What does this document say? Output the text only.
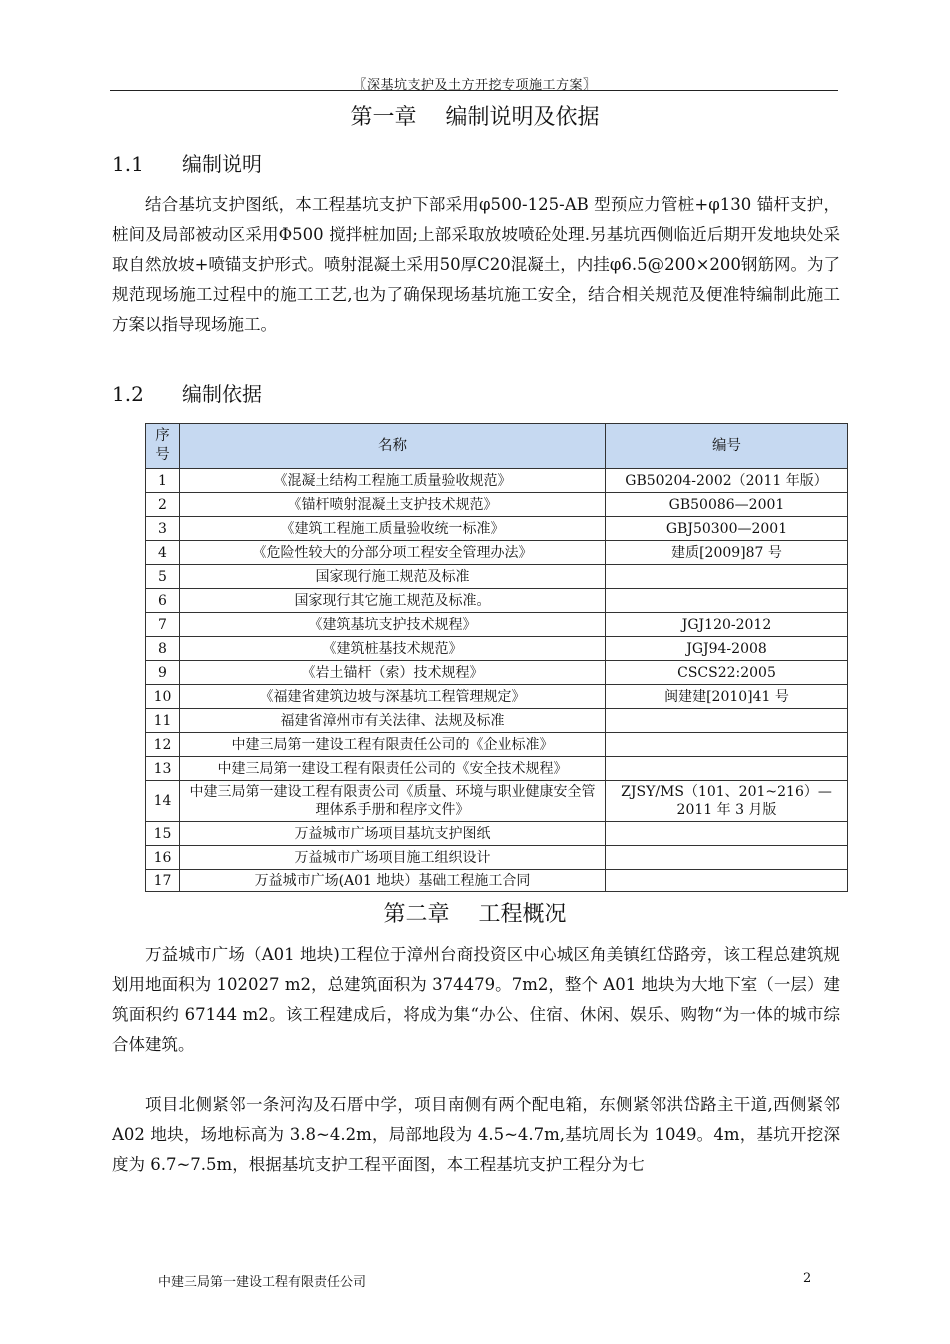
〖深基坑支护及土方开挖专项施工方案〗
第一章　 编制说明及依据
1.1 编制说明

结合基坑支护图纸，本工程基坑支护下部采用φ500-125-AB 型预应力管桩+φ130 锚杆支护，桩间及局部被动区采用Φ500 搅拌桩加固;上部采取放坡喷砼处理.另基坑西侧临近后期开发地块处采取自然放坡+喷锚支护形式。喷射混凝土采用50厚C20混凝土，内挂φ6.5@200×200钢筋网。为了规范现场施工过程中的施工工艺,也为了确保现场基坑施工安全，结合相关规范及便准特编制此施工方案以指导现场施工。

1.2 编制依据
序号	名称	编号
1	《混凝土结构工程施工质量验收规范》	GB50204-2002（2011 年版）
2	《锚杆喷射混凝土支护技术规范》	GB50086—2001
3	《建筑工程施工质量验收统一标准》	GBJ50300—2001
4	《危险性较大的分部分项工程安全管理办法》	建质[2009]87 号
5	国家现行施工规范及标准	
6	国家现行其它施工规范及标准。	
7	《建筑基坑支护技术规程》	JGJ120-2012
8	《建筑桩基技术规范》	JGJ94-2008
9	《岩土锚杆（索）技术规程》	CSCS22:2005
10	《福建省建筑边坡与深基坑工程管理规定》	闽建建[2010]41 号
11	福建省漳州市有关法律、法规及标准	
12	中建三局第一建设工程有限责任公司的《企业标准》	
13	中建三局第一建设工程有限责任公司的《安全技术规程》	
14	中建三局第一建设工程有限责公司《质量、环境与职业健康安全管理体系手册和程序文件》	ZJSY/MS（101、201~216）—2011 年 3 月版
15	万益城市广场项目基坑支护图纸	
16	万益城市广场项目施工组织设计	
17	万益城市广场(A01 地块）基础工程施工合同	
第二章　 工程概况

万益城市广场（A01 地块)工程位于漳州台商投资区中心城区角美镇红岱路旁，该工程总建筑规划用地面积为 102027 m2，总建筑面积为 374479。7m2，整个 A01 地块为大地下室（一层）建筑面积约 67144 m2。该工程建成后，将成为集“办公、住宿、休闲、娱乐、购物“为一体的城市综合体建筑。

项目北侧紧邻一条河沟及石厝中学，项目南侧有两个配电箱，东侧紧邻洪岱路主干道,西侧紧邻 A02 地块，场地标高为 3.8~4.2m，局部地段为 4.5~4.7m,基坑周长为 1049。4m，基坑开挖深度为 6.7~7.5m，根据基坑支护工程平面图，本工程基坑支护工程分为七

中建三局第一建设工程有限责任公司	2
